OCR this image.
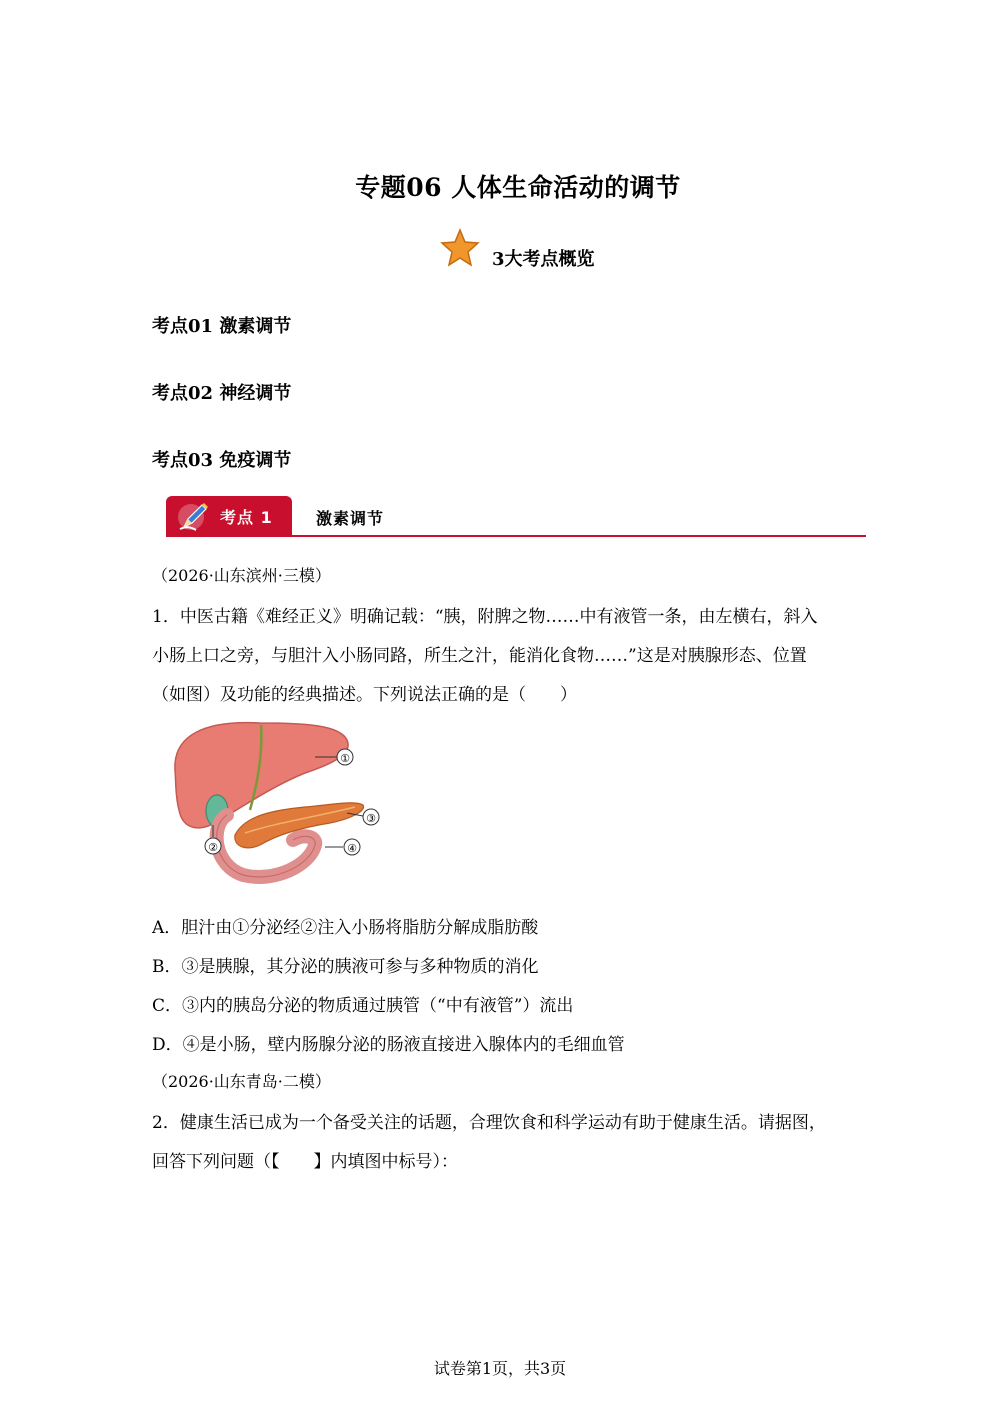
专题06 人体生命活动的调节
3大考点概览
考点01 激素调节
考点02 神经调节
考点03 免疫调节
考点 1	激素调节
（2026·山东滨州·三模）
1．中医古籍《难经正义》明确记载：“胰，附脾之物……中有液管一条，由左横右，斜入
小肠上口之旁，与胆汁入小肠同路，所生之汁，能消化食物……”这是对胰腺形态、位置
（如图）及功能的经典描述。下列说法正确的是（　　）
①
②
③
④
A．胆汁由①分泌经②注入小肠将脂肪分解成脂肪酸
B．③是胰腺，其分泌的胰液可参与多种物质的消化
C．③内的胰岛分泌的物质通过胰管（“中有液管”）流出
D．④是小肠，壁内肠腺分泌的肠液直接进入腺体内的毛细血管
（2026·山东青岛·二模）
2．健康生活已成为一个备受关注的话题，合理饮食和科学运动有助于健康生活。请据图，
回答下列问题（【　　】内填图中标号）：
试卷第1页，共3页
